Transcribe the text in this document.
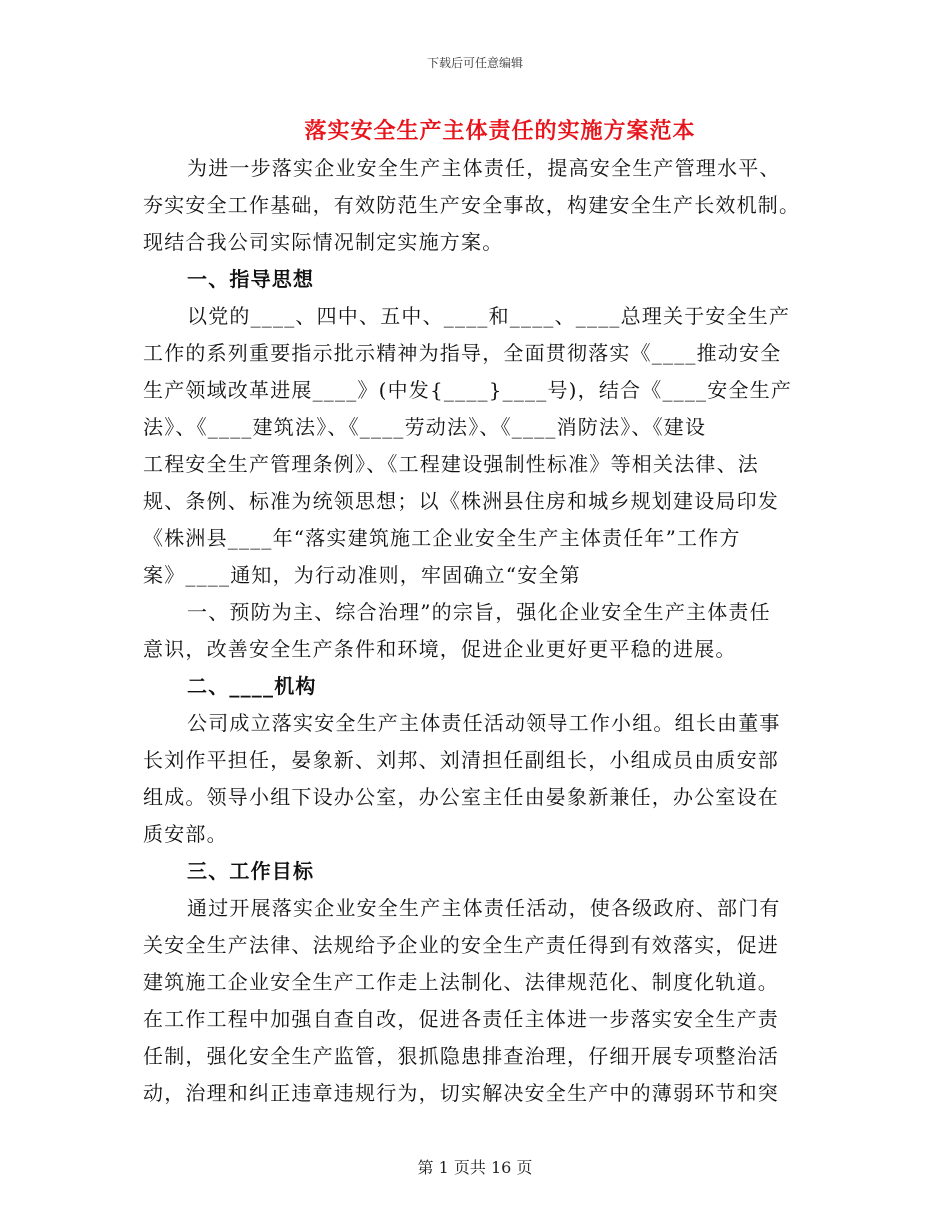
下载后可任意编辑
落实安全生产主体责任的实施方案范本
为进一步落实企业安全生产主体责任，提高安全生产管理水平、
夯实安全工作基础，有效防范生产安全事故，构建安全生产长效机制。
现结合我公司实际情况制定实施方案。
一、指导思想
以党的____、四中、五中、____和____、____总理关于安全生产
工作的系列重要指示批示精神为指导，全面贯彻落实《____推动安全
生产领域改革进展____》(中发{____}____号)，结合《____安全生产
法》、《____建筑法》、《____劳动法》、《____消防法》、《建设
工程安全生产管理条例》、《工程建设强制性标准》等相关法律、法
规、条例、标准为统领思想；以《株洲县住房和城乡规划建设局印发
《株洲县____年“落实建筑施工企业安全生产主体责任年”工作方
案》____通知，为行动准则，牢固确立“安全第
一、预防为主、综合治理”的宗旨，强化企业安全生产主体责任
意识，改善安全生产条件和环境，促进企业更好更平稳的进展。
二、____机构
公司成立落实安全生产主体责任活动领导工作小组。组长由董事
长刘作平担任，晏象新、刘邦、刘清担任副组长，小组成员由质安部
组成。领导小组下设办公室，办公室主任由晏象新兼任，办公室设在
质安部。
三、工作目标
通过开展落实企业安全生产主体责任活动，使各级政府、部门有
关安全生产法律、法规给予企业的安全生产责任得到有效落实，促进
建筑施工企业安全生产工作走上法制化、法律规范化、制度化轨道。
在工作工程中加强自查自改，促进各责任主体进一步落实安全生产责
任制，强化安全生产监管，狠抓隐患排查治理，仔细开展专项整治活
动，治理和纠正违章违规行为，切实解决安全生产中的薄弱环节和突
第 1 页共 16 页
